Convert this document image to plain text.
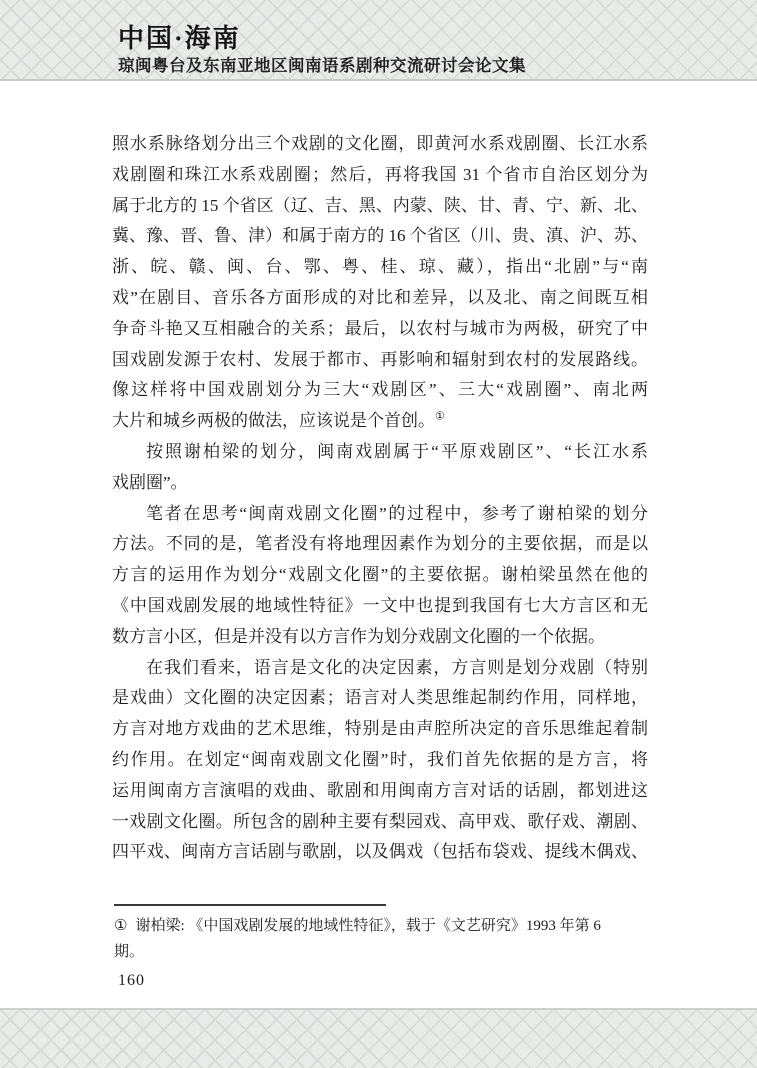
中国·海南
琼闽粤台及东南亚地区闽南语系剧种交流研讨会论文集
照水系脉络划分出三个戏剧的文化圈，即黄河水系戏剧圈、长江水系
戏剧圈和珠江水系戏剧圈；然后，再将我国 31 个省市自治区划分为
属于北方的 15 个省区（辽、吉、黑、内蒙、陕、甘、青、宁、新、北、
冀、豫、晋、鲁、津）和属于南方的 16 个省区（川、贵、滇、沪、苏、
浙、皖、赣、闽、台、鄂、粤、桂、琼、藏），指出“北剧”与“南
戏”在剧目、音乐各方面形成的对比和差异，以及北、南之间既互相
争奇斗艳又互相融合的关系；最后，以农村与城市为两极，研究了中
国戏剧发源于农村、发展于都市、再影响和辐射到农村的发展路线。
像这样将中国戏剧划分为三大“戏剧区”、三大“戏剧圈”、南北两
大片和城乡两极的做法，应该说是个首创。①
按照谢柏梁的划分，闽南戏剧属于“平原戏剧区”、“长江水系
戏剧圈”。
笔者在思考“闽南戏剧文化圈”的过程中，参考了谢柏梁的划分
方法。不同的是，笔者没有将地理因素作为划分的主要依据，而是以
方言的运用作为划分“戏剧文化圈”的主要依据。谢柏梁虽然在他的
《中国戏剧发展的地域性特征》一文中也提到我国有七大方言区和无
数方言小区，但是并没有以方言作为划分戏剧文化圈的一个依据。
在我们看来，语言是文化的决定因素，方言则是划分戏剧（特别
是戏曲）文化圈的决定因素；语言对人类思维起制约作用，同样地，
方言对地方戏曲的艺术思维，特别是由声腔所决定的音乐思维起着制
约作用。在划定“闽南戏剧文化圈”时，我们首先依据的是方言，将
运用闽南方言演唱的戏曲、歌剧和用闽南方言对话的话剧，都划进这
一戏剧文化圈。所包含的剧种主要有梨园戏、高甲戏、歌仔戏、潮剧、
四平戏、闽南方言话剧与歌剧，以及偶戏（包括布袋戏、提线木偶戏、
① 谢柏梁: 《中国戏剧发展的地域性特征》，载于《文艺研究》1993 年第 6 期。
160
